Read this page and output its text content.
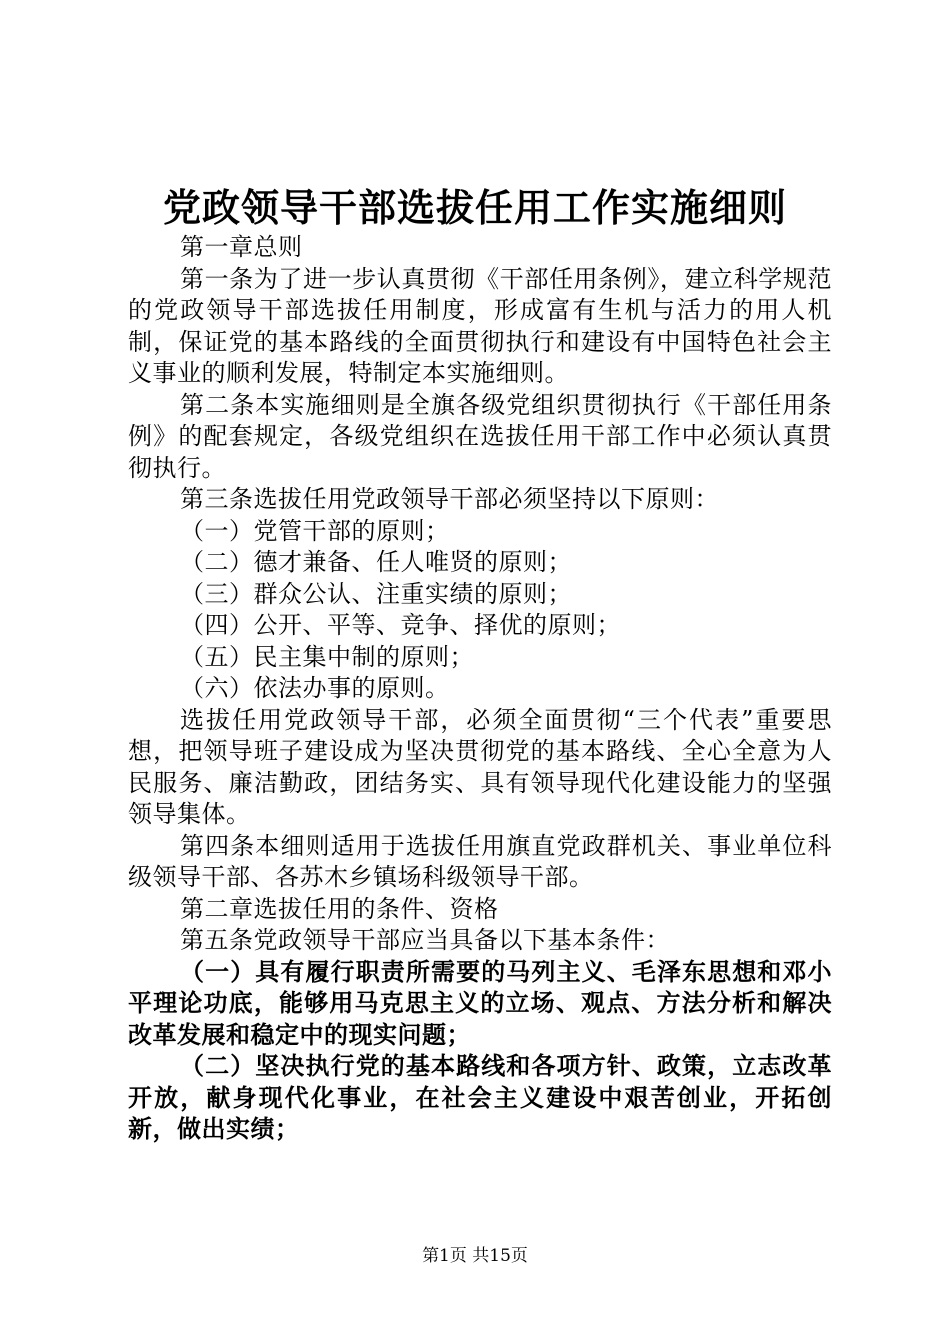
党政领导干部选拔任用工作实施细则

第一章总则

第一条为了进一步认真贯彻《干部任用条例》，建立科学规范的党政领导干部选拔任用制度，形成富有生机与活力的用人机制，保证党的基本路线的全面贯彻执行和建设有中国特色社会主义事业的顺利发展，特制定本实施细则。

第二条本实施细则是全旗各级党组织贯彻执行《干部任用条例》的配套规定，各级党组织在选拔任用干部工作中必须认真贯彻执行。

第三条选拔任用党政领导干部必须坚持以下原则：

（一）党管干部的原则；

（二）德才兼备、任人唯贤的原则；

（三）群众公认、注重实绩的原则；

（四）公开、平等、竞争、择优的原则；

（五）民主集中制的原则；

（六）依法办事的原则。

选拔任用党政领导干部，必须全面贯彻“三个代表”重要思想，把领导班子建设成为坚决贯彻党的基本路线、全心全意为人民服务、廉洁勤政，团结务实、具有领导现代化建设能力的坚强领导集体。

第四条本细则适用于选拔任用旗直党政群机关、事业单位科级领导干部、各苏木乡镇场科级领导干部。

第二章选拔任用的条件、资格

第五条党政领导干部应当具备以下基本条件：

（一）具有履行职责所需要的马列主义、毛泽东思想和邓小平理论功底，能够用马克思主义的立场、观点、方法分析和解决改革发展和稳定中的现实问题；

（二）坚决执行党的基本路线和各项方针、政策，立志改革开放，献身现代化事业，在社会主义建设中艰苦创业，开拓创新，做出实绩；

第1页 共15页
